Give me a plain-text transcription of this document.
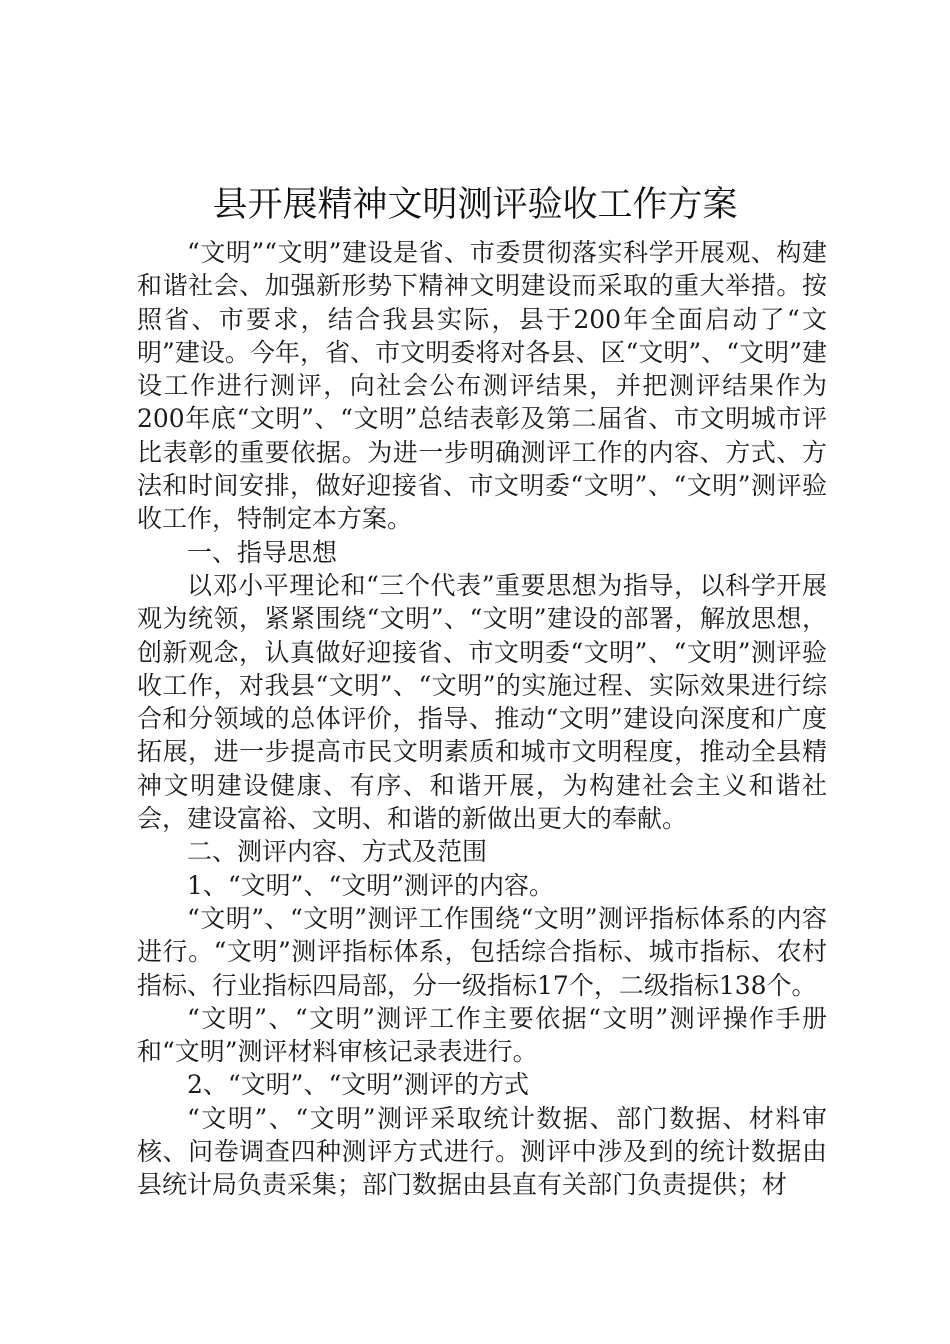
县开展精神文明测评验收工作方案

“文明”“文明”建设是省、市委贯彻落实科学开展观、构建和谐社会、加强新形势下精神文明建设而采取的重大举措。按照省、市要求，结合我县实际，县于200年全面启动了“文明”建设。今年，省、市文明委将对各县、区“文明”、“文明”建设工作进行测评，向社会公布测评结果，并把测评结果作为200年底“文明”、“文明”总结表彰及第二届省、市文明城市评比表彰的重要依据。为进一步明确测评工作的内容、方式、方法和时间安排，做好迎接省、市文明委“文明”、“文明”测评验收工作，特制定本方案。

一、指导思想

以邓小平理论和“三个代表”重要思想为指导，以科学开展观为统领，紧紧围绕“文明”、“文明”建设的部署，解放思想，创新观念，认真做好迎接省、市文明委“文明”、“文明”测评验收工作，对我县“文明”、“文明”的实施过程、实际效果进行综合和分领域的总体评价，指导、推动“文明”建设向深度和广度拓展，进一步提高市民文明素质和城市文明程度，推动全县精神文明建设健康、有序、和谐开展，为构建社会主义和谐社会，建设富裕、文明、和谐的新做出更大的奉献。

二、测评内容、方式及范围

1、“文明”、“文明”测评的内容。

“文明”、“文明”测评工作围绕“文明”测评指标体系的内容进行。“文明”测评指标体系，包括综合指标、城市指标、农村指标、行业指标四局部，分一级指标17个，二级指标138个。

“文明”、“文明”测评工作主要依据“文明”测评操作手册和“文明”测评材料审核记录表进行。

2、“文明”、“文明”测评的方式

“文明”、“文明”测评采取统计数据、部门数据、材料审核、问卷调查四种测评方式进行。测评中涉及到的统计数据由县统计局负责采集；部门数据由县直有关部门负责提供；材
